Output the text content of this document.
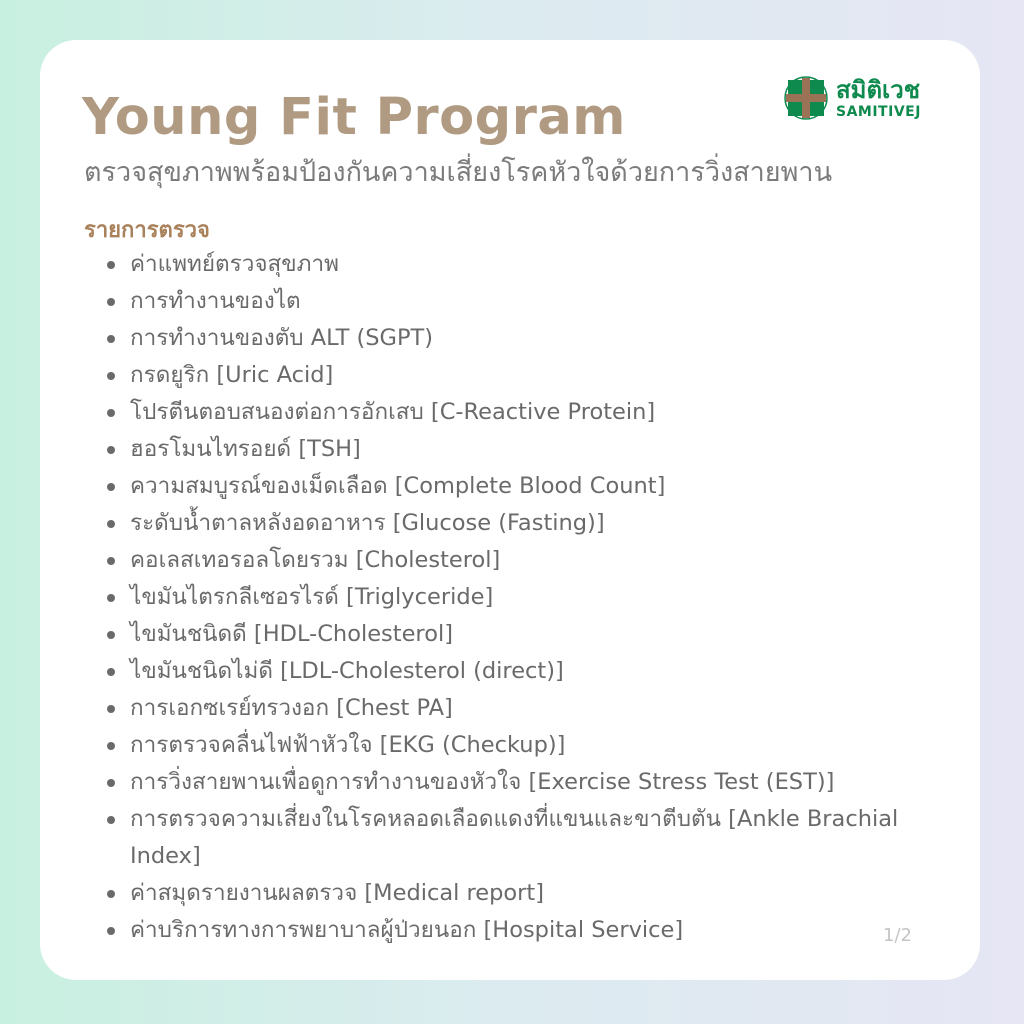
Young Fit Program
ตรวจสุขภาพพร้อมป้องกันความเสี่ยงโรคหัวใจด้วยการวิ่งสายพาน
สมิติเวช
SAMITIVEJ
รายการตรวจ
ค่าแพทย์ตรวจสุขภาพ
การทำงานของไต
การทำงานของตับ ALT (SGPT)
กรดยูริก [Uric Acid]
โปรตีนตอบสนองต่อการอักเสบ [C-Reactive Protein]
ฮอรโมนไทรอยด์ [TSH]
ความสมบูรณ์ของเม็ดเลือด [Complete Blood Count]
ระดับน้ำตาลหลังอดอาหาร [Glucose (Fasting)]
คอเลสเทอรอลโดยรวม [Cholesterol]
ไขมันไตรกลีเซอรไรด์ [Triglyceride]
ไขมันชนิดดี [HDL-Cholesterol]
ไขมันชนิดไม่ดี [LDL-Cholesterol (direct)]
การเอกซเรย์ทรวงอก [Chest PA]
การตรวจคลื่นไฟฟ้าหัวใจ [EKG (Checkup)]
การวิ่งสายพานเพื่อดูการทำงานของหัวใจ [Exercise Stress Test (EST)]
การตรวจความเสี่ยงในโรคหลอดเลือดแดงที่แขนและขาตีบตัน [Ankle Brachial Index]
ค่าสมุดรายงานผลตรวจ [Medical report]
ค่าบริการทางการพยาบาลผู้ป่วยนอก [Hospital Service]	1/2
